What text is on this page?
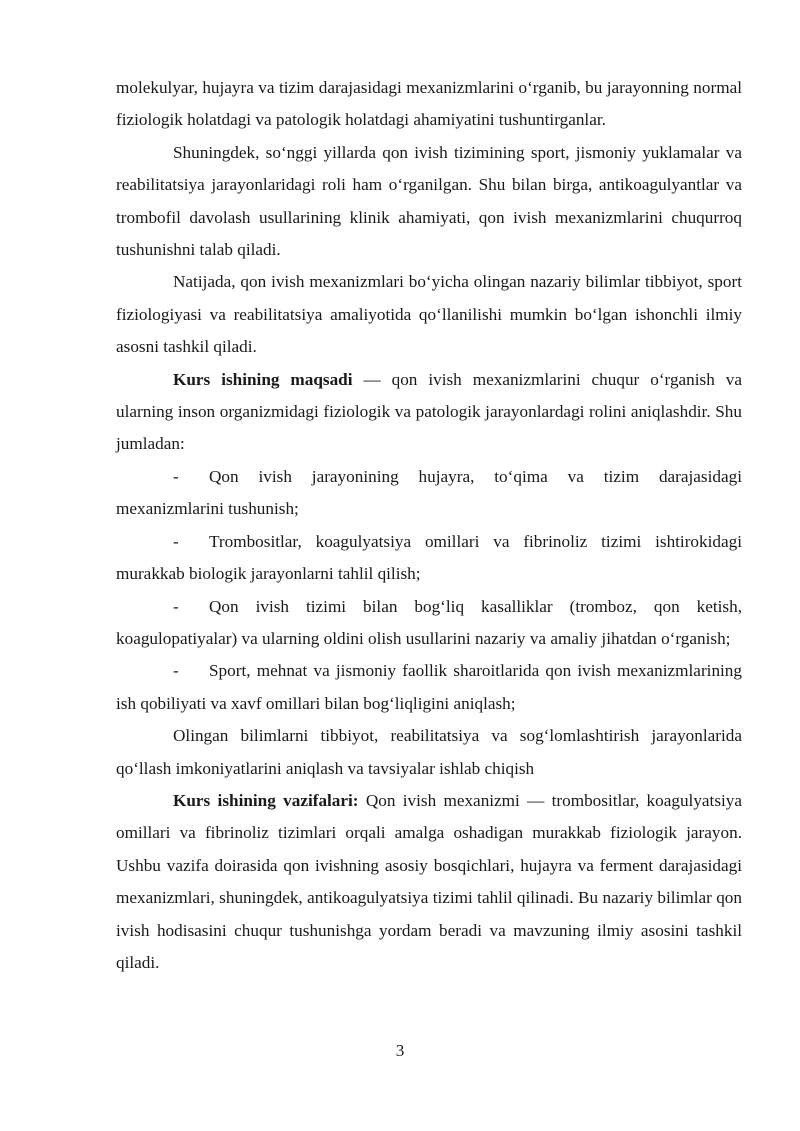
molekulyar, hujayra va tizim darajasidagi mexanizmlarini o‘rganib, bu jarayonning normal fiziologik holatdagi va patologik holatdagi ahamiyatini tushuntirganlar.

Shuningdek, so‘nggi yillarda qon ivish tizimining sport, jismoniy yuklamalar va reabilitatsiya jarayonlaridagi roli ham o‘rganilgan. Shu bilan birga, antikoagulyantlar va trombofil davolash usullarining klinik ahamiyati, qon ivish mexanizmlarini chuqurroq tushunishni talab qiladi.

Natijada, qon ivish mexanizmlari bo‘yicha olingan nazariy bilimlar tibbiyot, sport fiziologiyasi va reabilitatsiya amaliyotida qo‘llanilishi mumkin bo‘lgan ishonchli ilmiy asosni tashkil qiladi.

Kurs ishining maqsadi — qon ivish mexanizmlarini chuqur o‘rganish va ularning inson organizmidagi fiziologik va patologik jarayonlardagi rolini aniqlashdir. Shu jumladan:

- Qon ivish jarayonining hujayra, to‘qima va tizim darajasidagi mexanizmlarini tushunish;

- Trombositlar, koagulyatsiya omillari va fibrinoliz tizimi ishtirokidagi murakkab biologik jarayonlarni tahlil qilish;

- Qon ivish tizimi bilan bog‘liq kasalliklar (tromboz, qon ketish, koagulopatiyalar) va ularning oldini olish usullarini nazariy va amaliy jihatdan o‘rganish;

- Sport, mehnat va jismoniy faollik sharoitlarida qon ivish mexanizmlarining ish qobiliyati va xavf omillari bilan bog‘liqligini aniqlash;

Olingan bilimlarni tibbiyot, reabilitatsiya va sog‘lomlashtirish jarayonlarida qo‘llash imkoniyatlarini aniqlash va tavsiyalar ishlab chiqish

Kurs ishining vazifalari: Qon ivish mexanizmi — trombositlar, koagulyatsiya omillari va fibrinoliz tizimlari orqali amalga oshadigan murakkab fiziologik jarayon. Ushbu vazifa doirasida qon ivishning asosiy bosqichlari, hujayra va ferment darajasidagi mexanizmlari, shuningdek, antikoagulyatsiya tizimi tahlil qilinadi. Bu nazariy bilimlar qon ivish hodisasini chuqur tushunishga yordam beradi va mavzuning ilmiy asosini tashkil qiladi.

3
